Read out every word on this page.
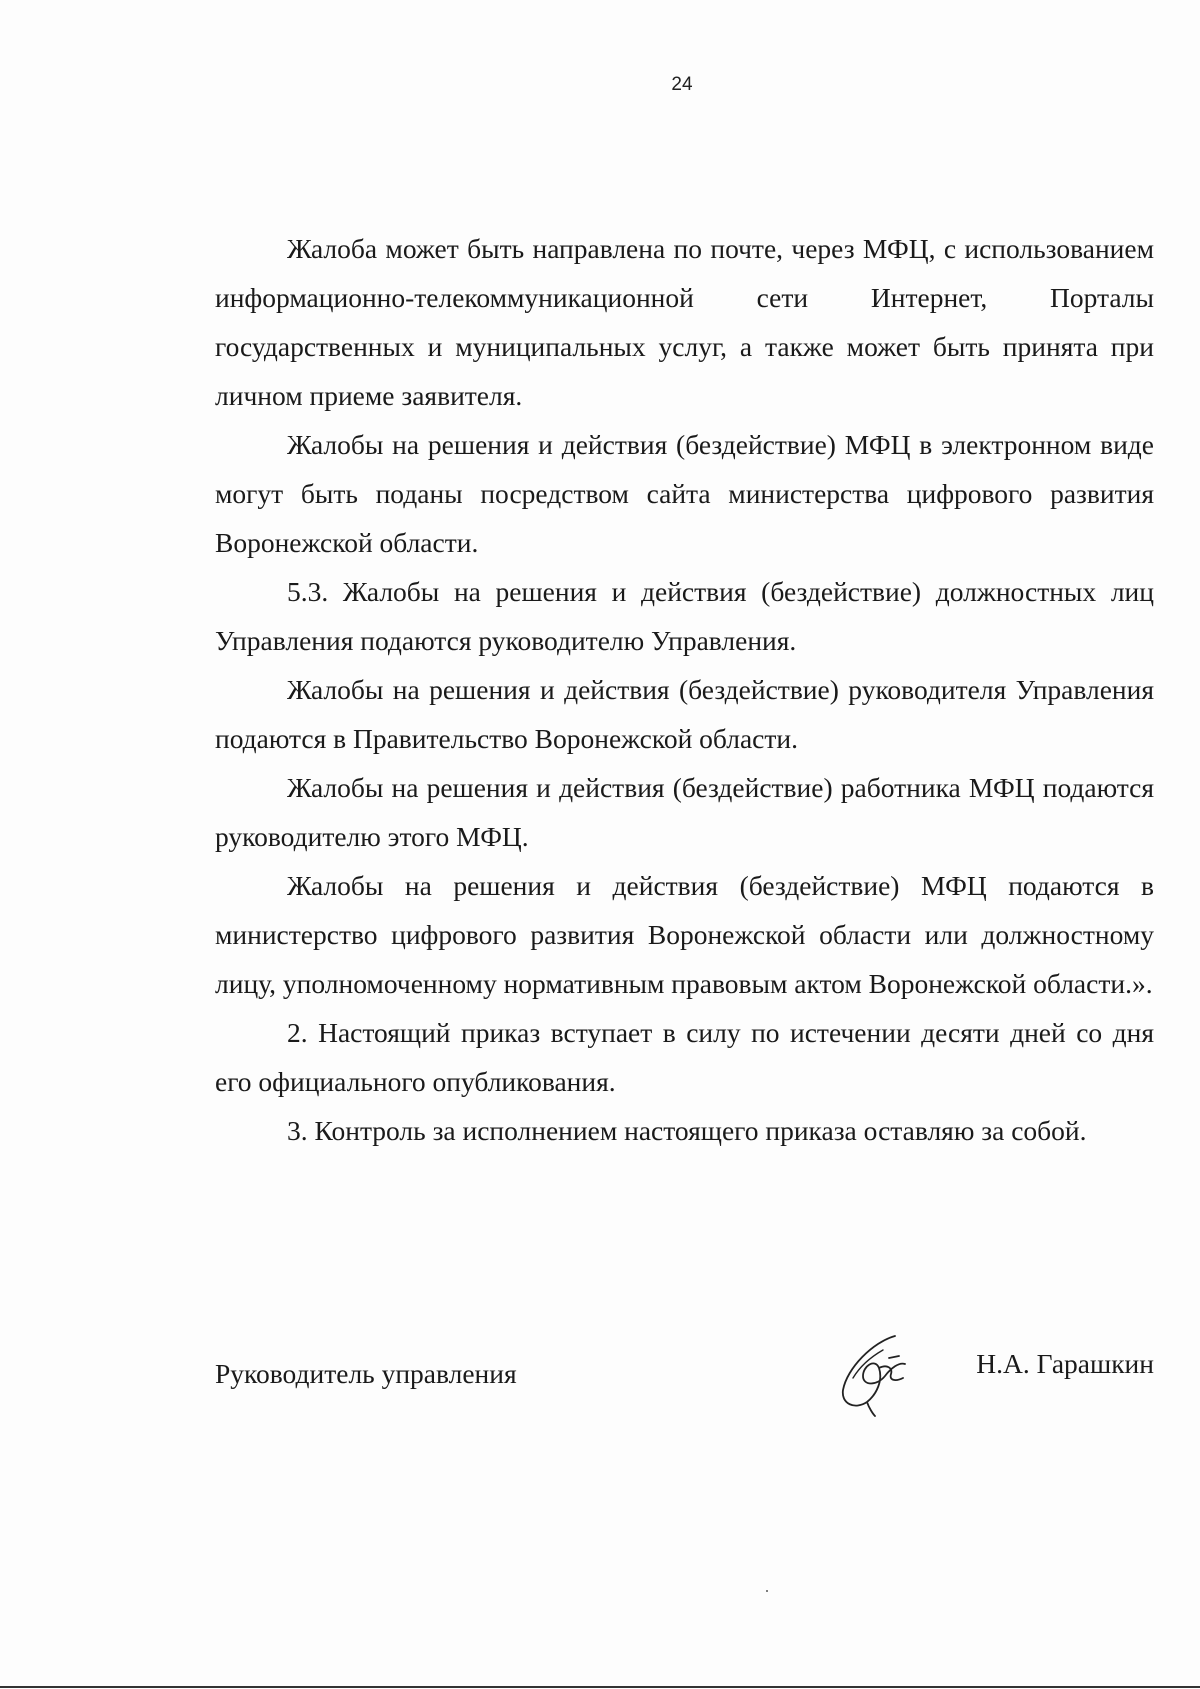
24

Жалоба может быть направлена по почте, через МФЦ, с использованием информационно-телекоммуникационной сети Интернет, Порталы государственных и муниципальных услуг, а также может быть принята при личном приеме заявителя.

Жалобы на решения и действия (бездействие) МФЦ в электронном виде могут быть поданы посредством сайта министерства цифрового развития Воронежской области.

5.3. Жалобы на решения и действия (бездействие) должностных лиц Управления подаются руководителю Управления.

Жалобы на решения и действия (бездействие) руководителя Управления подаются в Правительство Воронежской области.

Жалобы на решения и действия (бездействие) работника МФЦ подаются руководителю этого МФЦ.

Жалобы на решения и действия (бездействие) МФЦ подаются в министерство цифрового развития Воронежской области или должностному лицу, уполномоченному нормативным правовым актом Воронежской области.».

2. Настоящий приказ вступает в силу по истечении десяти дней со дня его официального опубликования.

3. Контроль за исполнением настоящего приказа оставляю за собой.

Руководитель управления	Н.А. Гарашкин
